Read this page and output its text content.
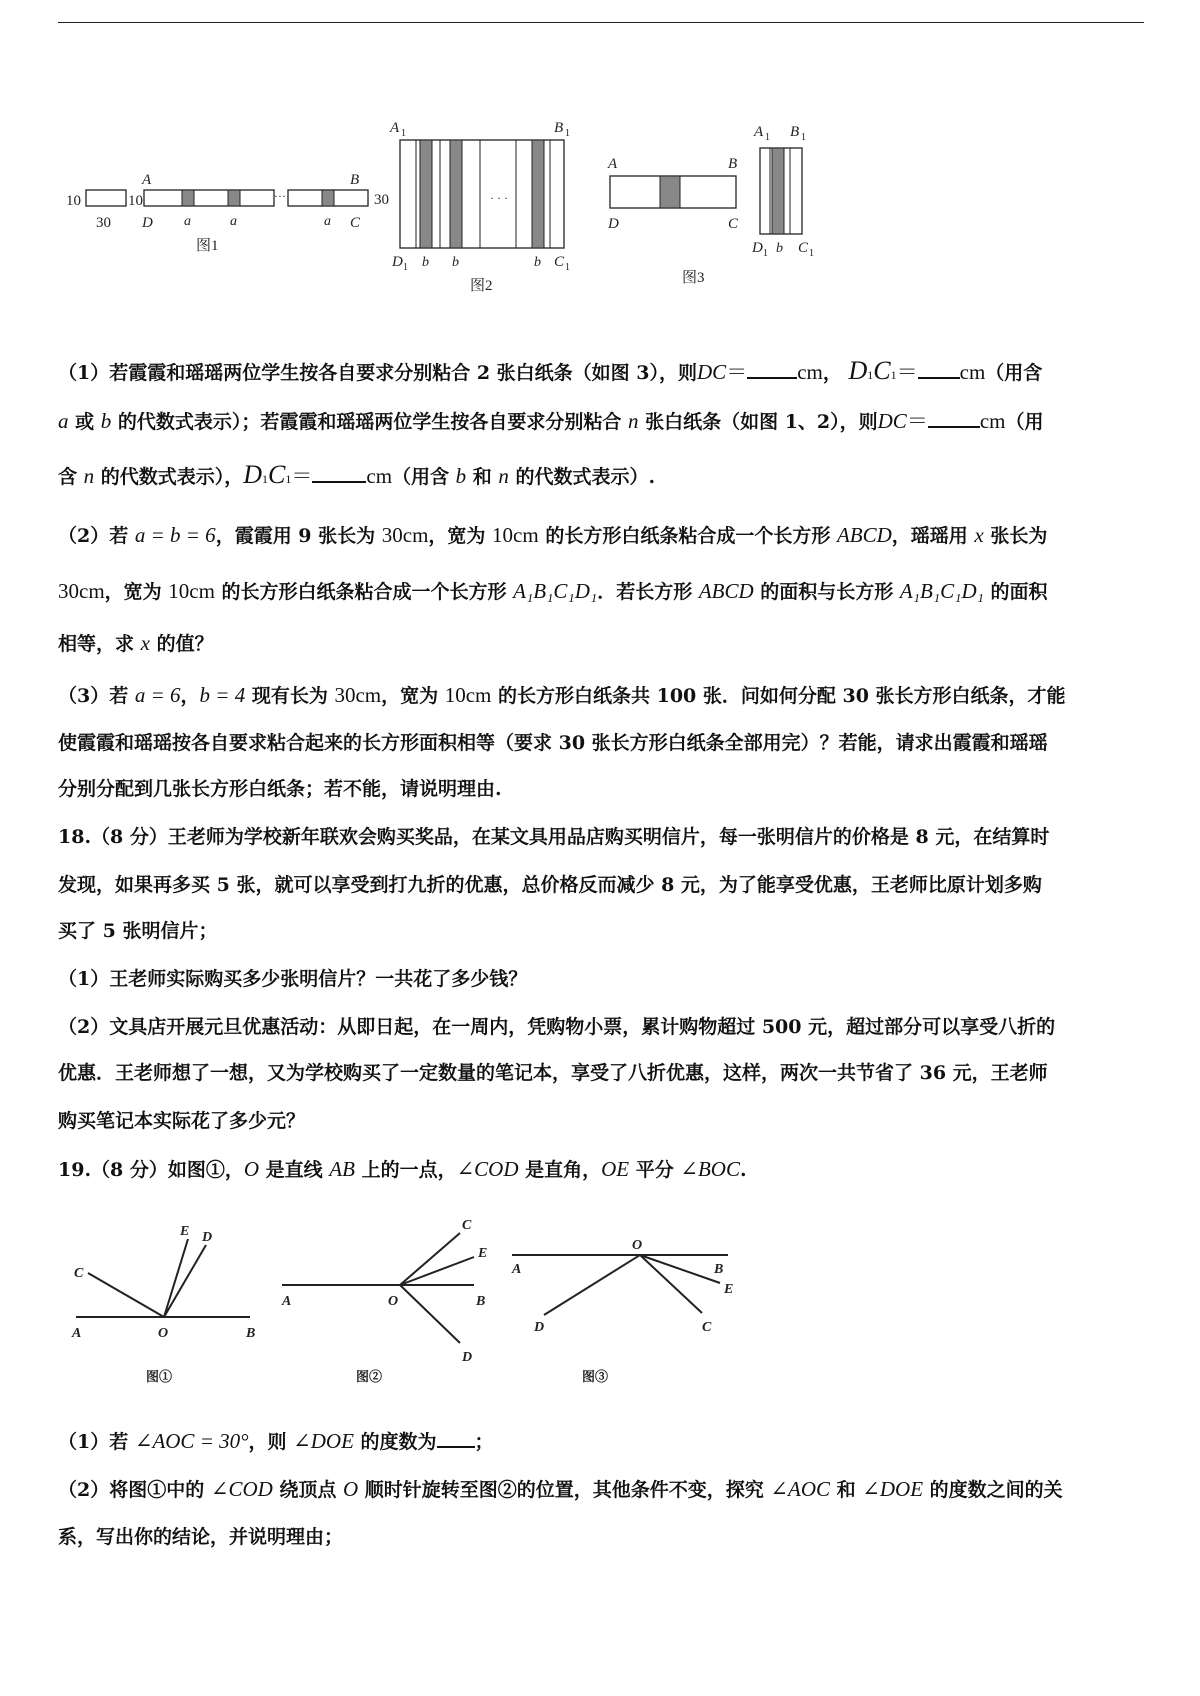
10
30
10
A
D
···
a	a	a
B
C
图1
A 1	B 1
30	· · ·
D 1 b b	b C 1
图2
A	B
D	C
A 1 B 1
D 1 b C 1
图3
（1）若霞霞和瑶瑶两位学生按各自要求分别粘合 2 张白纸条（如图 3），则DC＝ cm， D1C1＝ cm（用含
a 或 b 的代数式表示）；若霞霞和瑶瑶两位学生按各自要求分别粘合 n 张白纸条（如图 1、2），则DC＝ cm（用
含 n 的代数式表示），D1C1＝	cm（用含 b 和 n 的代数式表示）.
（2）若 a = b = 6，霞霞用 9 张长为 30cm，宽为 10cm 的长方形白纸条粘合成一个长方形 ABCD，瑶瑶用 x 张长为
30cm，宽为 10cm 的长方形白纸条粘合成一个长方形 A₁B₁C₁D₁．若长方形 ABCD 的面积与长方形 A₁B₁C₁D₁ 的面积
相等，求 x 的值？
（3）若 a = 6，b = 4 现有长为 30cm，宽为 10cm 的长方形白纸条共 100 张．问如何分配 30 张长方形白纸条，才能
使霞霞和瑶瑶按各自要求粘合起来的长方形面积相等（要求 30 张长方形白纸条全部用完）？若能，请求出霞霞和瑶瑶
分别分配到几张长方形白纸条；若不能，请说明理由.
18.（8 分）王老师为学校新年联欢会购买奖品，在某文具用品店购买明信片，每一张明信片的价格是 8 元，在结算时
发现，如果再多买 5 张，就可以享受到打九折的优惠，总价格反而减少 8 元，为了能享受优惠，王老师比原计划多购
买了 5 张明信片；
（1）王老师实际购买多少张明信片？一共花了多少钱？
（2）文具店开展元旦优惠活动：从即日起，在一周内，凭购物小票，累计购物超过 500 元，超过部分可以享受八折的
优惠．王老师想了一想，又为学校购买了一定数量的笔记本，享受了八折优惠，这样，两次一共节省了 36 元，王老师
购买笔记本实际花了多少元？
19.（8 分）如图①，O 是直线 AB 上的一点，∠COD 是直角，OE 平分 ∠BOC.
A	B
O
C
E D
图①
A	B
O
C
E
D
图②
A	B
O
E
C
D
图③
（1）若 ∠AOC = 30°，则 ∠DOE 的度数为 ；
（2）将图①中的 ∠COD 绕顶点 O 顺时针旋转至图②的位置，其他条件不变，探究 ∠AOC 和 ∠DOE 的度数之间的关
系，写出你的结论，并说明理由；
